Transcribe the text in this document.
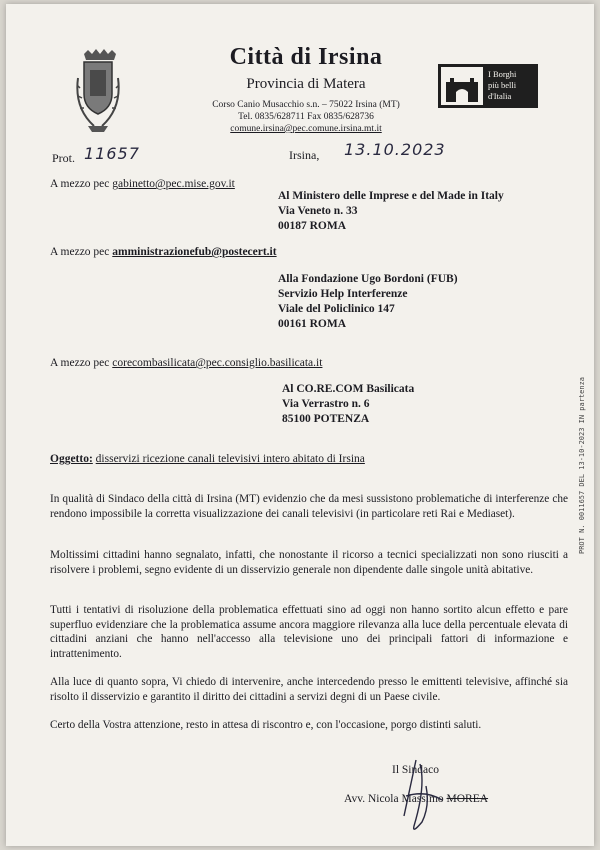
Città di Irsina
Provincia di Matera
Corso Canio Musacchio s.n. – 75022 Irsina (MT)
Tel. 0835/628711 Fax 0835/628736
comune.irsina@pec.comune.irsina.mt.it
I Borghi
più belli
d'Italia
Prot. 11657	Irsina, 13.10.2023
A mezzo pec gabinetto@pec.mise.gov.it
Al Ministero delle Imprese e del Made in Italy
Via Veneto n. 33
00187 ROMA
A mezzo pec amministrazionefub@postecert.it
Alla Fondazione Ugo Bordoni (FUB)
Servizio Help Interferenze
Viale del Policlinico 147
00161 ROMA
A mezzo pec corecombasilicata@pec.consiglio.basilicata.it
Al CO.RE.COM Basilicata
Via Verrastro n. 6
85100 POTENZA
Oggetto: disservizi ricezione canali televisivi intero abitato di Irsina
In qualità di Sindaco della città di Irsina (MT) evidenzio che da mesi sussistono problematiche di interferenze che rendono impossibile la corretta visualizzazione dei canali televisivi (in particolare reti Rai e Mediaset).
Moltissimi cittadini hanno segnalato, infatti, che nonostante il ricorso a tecnici specializzati non sono riusciti a risolvere i problemi, segno evidente di un disservizio generale non dipendente dalle singole unità abitative.
Tutti i tentativi di risoluzione della problematica effettuati sino ad oggi non hanno sortito alcun effetto e pare superfluo evidenziare che la problematica assume ancora maggiore rilevanza alla luce della percentuale elevata di cittadini anziani che hanno nell'accesso alla televisione uno dei principali fattori di informazione e intrattenimento.
Alla luce di quanto sopra, Vi chiedo di intervenire, anche intercedendo presso le emittenti televisive, affinché sia risolto il disservizio e garantito il diritto dei cittadini a servizi degni di un Paese civile.
Certo della Vostra attenzione, resto in attesa di riscontro e, con l'occasione, porgo distinti saluti.
Il Sindaco
Avv. Nicola Massimo MOREA
PROT N. 0011657 DEL 13-10-2023 IN partenza
